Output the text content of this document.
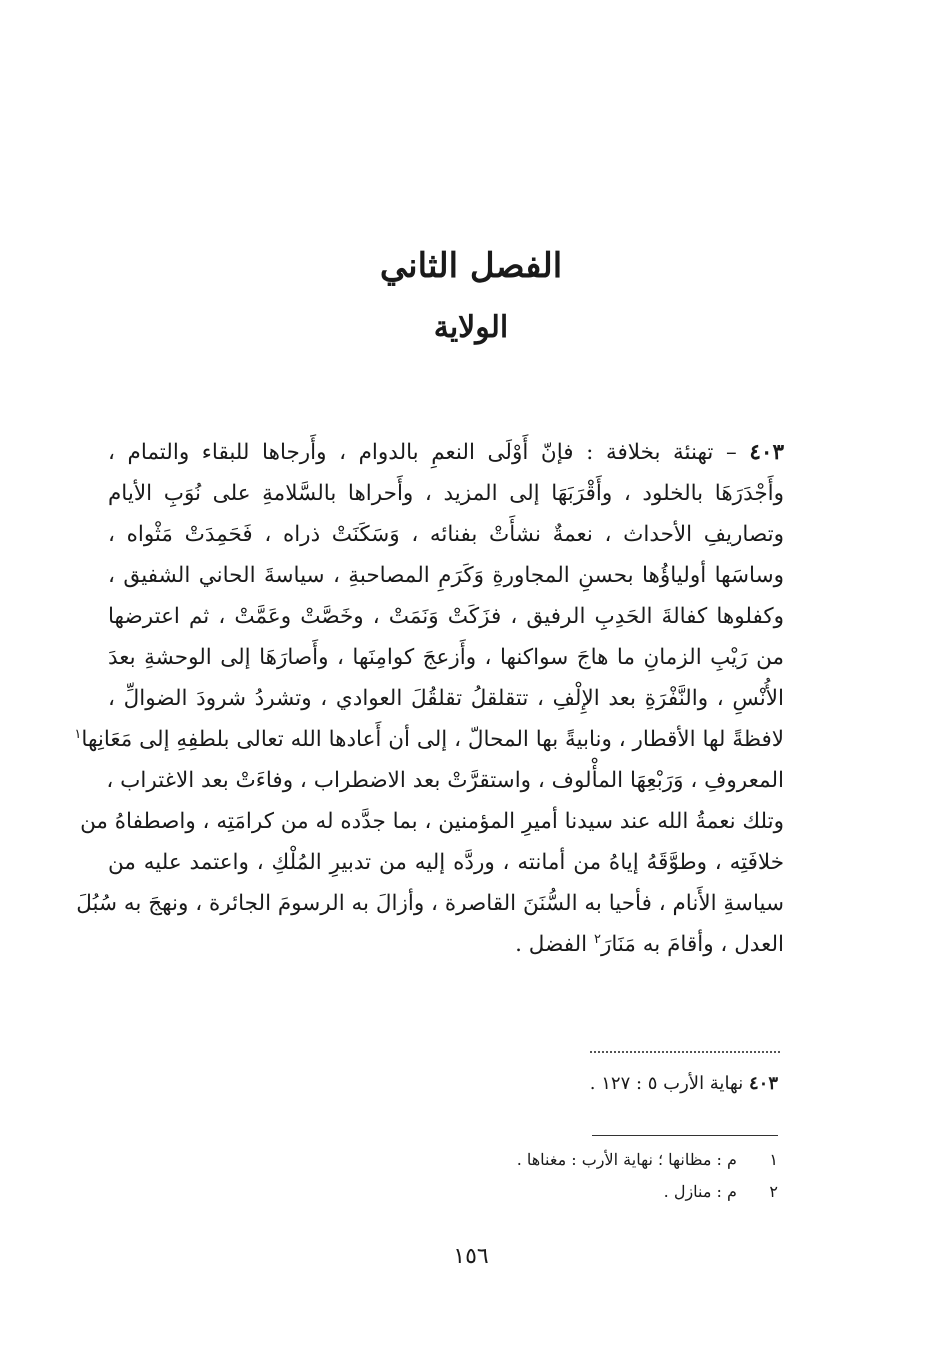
الفصل الثاني
الولاية
٤٠٣ – تهنئة بخلافة : فإنّ أَوْلَى النعمِ بالدوام ، وأَرجاها للبقاء والتمام ،
وأَجْدَرَهَا بالخلود ، وأَقْرَبَهَا إلى المزيد ، وأَحراها بالسَّلامةِ على نُوَبِ الأيام
وتصاريفِ الأحداث ، نعمةٌ نشأَتْ بفنائه ، وَسَكَنَتْ ذراه ، فَحَمِدَتْ مَثْواه ،
وساسَها أولياؤُها بحسنِ المجاورةِ وَكَرَمِ المصاحبةِ ، سياسةَ الحاني الشفيق ،
وكفلوها كفالةَ الحَدِبِ الرفيق ، فزَكَتْ وَنَمَتْ ، وخَصَّتْ وعَمَّتْ ، ثم اعترضها
من رَيْبِ الزمانِ ما هاجَ سواكنها ، وأَزعجَ كوامِنَها ، وأَصارَهَا إلى الوحشةِ بعدَ
الأُنْسِ ، والنَّفْرَةِ بعد الإِلْفِ ، تتقلقلُ تقلقُلَ العوادي ، وتشردُ شرودَ الضوالِّ ،
لافظةً لها الأقطار ، ونابيةً بها المحالّ ، إلى أن أَعادها الله تعالى بلطفِهِ إلى مَعَانِها$^١$
المعروفِ ، وَرَبْعِهَا المأْلوف ، واستقرَّتْ بعد الاضطراب ، وفاءَتْ بعد الاغتراب ،
وتلك نعمةُ الله عند سيدنا أميرِ المؤمنين ، بما جدَّده له من كرامَتِه ، واصطفاهُ من
خلافَتِه ، وطوَّقَهُ إياهُ من أمانته ، وردَّه إليه من تدبيرِ المُلْكِ ، واعتمد عليه من
سياسةِ الأَنام ، فأحيا به السُّنَنَ القاصرة ، وأزالَ به الرسومَ الجائرة ، ونهجَ به سُبُلَ
العدل ، وأقامَ به مَنَارَ$^٢$ الفضل .
٤٠٣ نهاية الأرب ٥ : ١٢٧ .
١ م : مظانها ؛ نهاية الأرب : مغناها .
٢ م : منازل .
١٥٦
